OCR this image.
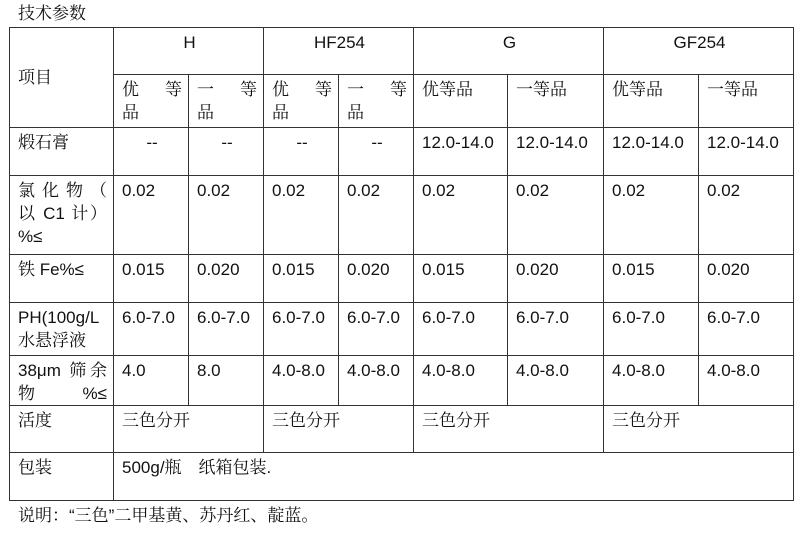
技术参数
项目	H		HF254		G		GF254	
	优 等 品	一 等 品	优 等 品	一 等 品	优等品	一等品	优等品	一等品
煅石膏	--	--	--	--	12.0-14.0	12.0-14.0	12.0-14.0	12.0-14.0
氯 化 物 （ 以 C1 计）%≤	0.02	0.02	0.02	0.02	0.02	0.02	0.02	0.02
铁 Fe%≤	0.015	0.020	0.015	0.020	0.015	0.020	0.015	0.020
PH(100g/L水悬浮液	6.0-7.0	6.0-7.0	6.0-7.0	6.0-7.0	6.0-7.0	6.0-7.0	6.0-7.0	6.0-7.0
38μm 筛余物%≤	4.0	8.0	4.0-8.0	4.0-8.0	4.0-8.0	4.0-8.0	4.0-8.0	4.0-8.0
活度	三色分开		三色分开		三色分开		三色分开	
包装	500g/瓶　纸箱包装.							
说明：“三色”二甲基黄、苏丹红、靛蓝。
